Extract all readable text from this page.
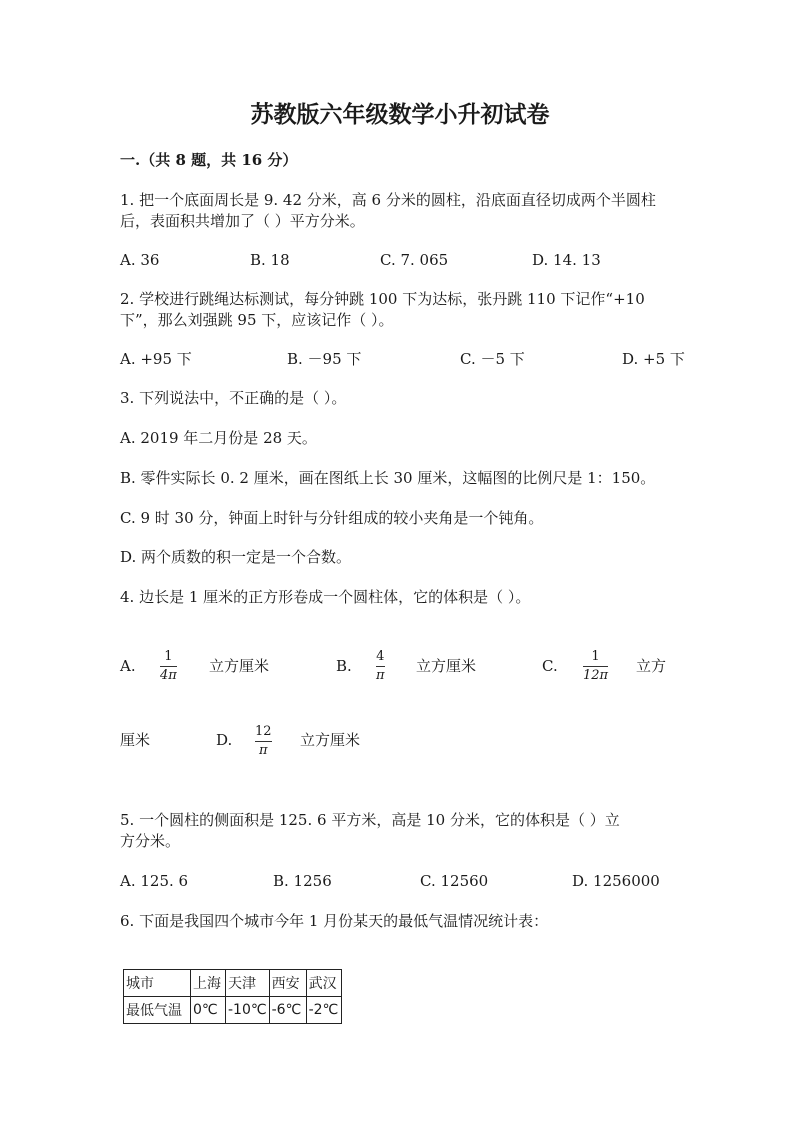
苏教版六年级数学小升初试卷
一.（共 8 题，共 16 分）
1. 把一个底面周长是 9. 42 分米，高 6 分米的圆柱，沿底面直径切成两个半圆柱
后，表面积共增加了（ ）平方分米。
A. 36	B. 18	C. 7. 065	D. 14. 13
2. 学校进行跳绳达标测试，每分钟跳 100 下为达标，张丹跳 110 下记作“+10
下”，那么刘强跳 95 下，应该记作（ ）。
A. +95 下	B. －95 下	C. －5 下	D. +5 下
3. 下列说法中，不正确的是（ ）。
A. 2019 年二月份是 28 天。
B. 零件实际长 0. 2 厘米，画在图纸上长 30 厘米，这幅图的比例尺是 1：150。
C. 9 时 30 分，钟面上时针与分针组成的较小夹角是一个钝角。
D. 两个质数的积一定是一个合数。
4. 边长是 1 厘米的正方形卷成一个圆柱体，它的体积是（ ）。
A.
1
4π
立方厘米	B.
4
π
立方厘米	C.
1
12π
立方
厘米	D. 12
π
立方厘米
5. 一个圆柱的侧面积是 125. 6 平方米，高是 10 分米，它的体积是（ ）立
方分米。
A. 125. 6	B. 1256	C. 12560	D. 1256000
6. 下面是我国四个城市今年 1 月份某天的最低气温情况统计表：
城市	上海	天津	西安	武汉
最低气温	0℃	-10℃	-6℃	-2℃
